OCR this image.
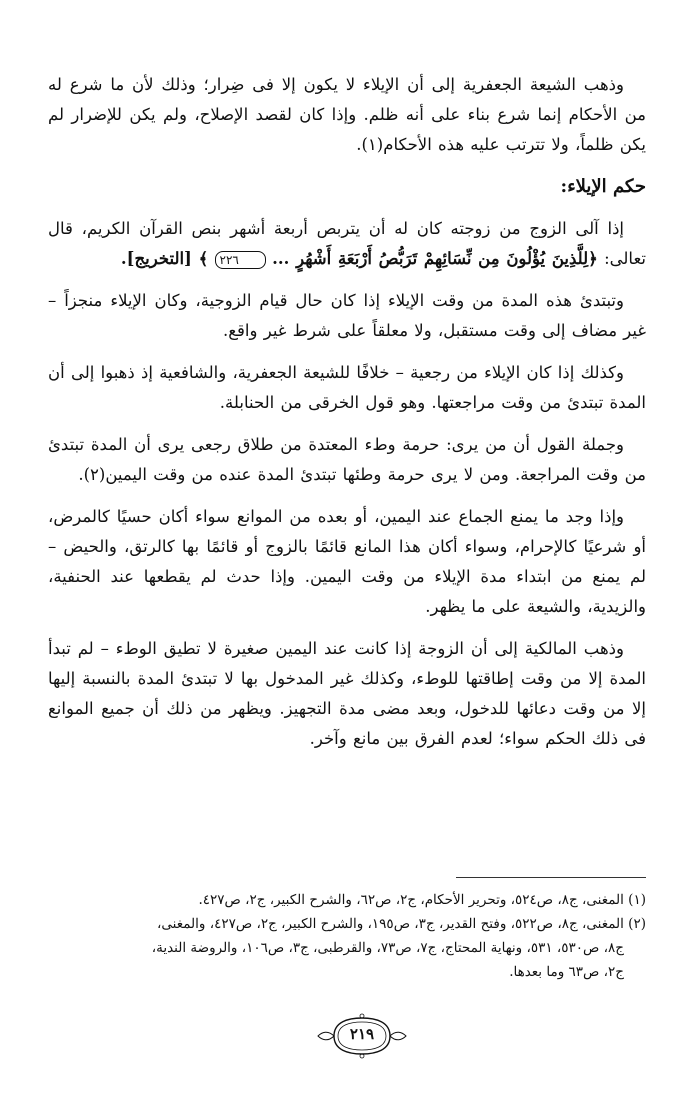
وذهب الشيعة الجعفرية إلى أن الإيلاء لا يكون إلا فى ضِرار؛ وذلك لأن ما شرع له من الأحكام إنما شرع بناء على أنه ظلم. وإذا كان لقصد الإصلاح، ولم يكن للإضرار لم يكن ظلماً، ولا تترتب عليه هذه الأحكام(١).

حكم الإيلاء:

إذا آلى الزوج من زوجته كان له أن يتربص أربعة أشهر بنص القرآن الكريم، قال تعالى: ﴿لِلَّذِينَ يُؤْلُونَ مِن نِّسَائِهِمْ تَرَبُّصُ أَرْبَعَةِ أَشْهُرٍ ... ٢٢٦ ﴾ [التخريج].

وتبتدئ هذه المدة من وقت الإيلاء إذا كان حال قيام الزوجية، وكان الإيلاء منجزاً – غير مضاف إلى وقت مستقبل، ولا معلقاً على شرط غير واقع.

وكذلك إذا كان الإيلاء من رجعية – خلافًا للشيعة الجعفرية، والشافعية إذ ذهبوا إلى أن المدة تبتدئ من وقت مراجعتها. وهو قول الخرقى من الحنابلة.

وجملة القول أن من يرى: حرمة وطء المعتدة من طلاق رجعى يرى أن المدة تبتدئ من وقت المراجعة. ومن لا يرى حرمة وطئها تبتدئ المدة عنده من وقت اليمين(٢).

وإذا وجد ما يمنع الجماع عند اليمين، أو بعده من الموانع سواء أكان حسيًا كالمرض، أو شرعيًا كالإحرام، وسواء أكان هذا المانع قائمًا بالزوج أو قائمًا بها كالرتق، والحيض – لم يمنع من ابتداء مدة الإيلاء من وقت اليمين. وإذا حدث لم يقطعها عند الحنفية، والزيدية، والشيعة على ما يظهر.

وذهب المالكية إلى أن الزوجة إذا كانت عند اليمين صغيرة لا تطيق الوطء – لم تبدأ المدة إلا من وقت إطاقتها للوطء، وكذلك غير المدخول بها لا تبتدئ المدة بالنسبة إليها إلا من وقت دعائها للدخول، وبعد مضى مدة التجهيز. ويظهر من ذلك أن جميع الموانع فى ذلك الحكم سواء؛ لعدم الفرق بين مانع وآخر.

(١) المغنى، ج٨، ص٥٢٤، وتحرير الأحكام، ج٢، ص٦٢، والشرح الكبير، ج٢، ص٤٢٧.

(٢) المغنى، ج٨، ص٥٢٢، وفتح القدير، ج٣، ص١٩٥، والشرح الكبير، ج٢، ص٤٢٧، والمغنى،

ج٨، ص٥٣٠، ٥٣١، ونهاية المحتاج، ج٧، ص٧٣، والقرطبى، ج٣، ص١٠٦، والروضة الندية،

ج٢، ص٦٣ وما بعدها.

٢١٩
